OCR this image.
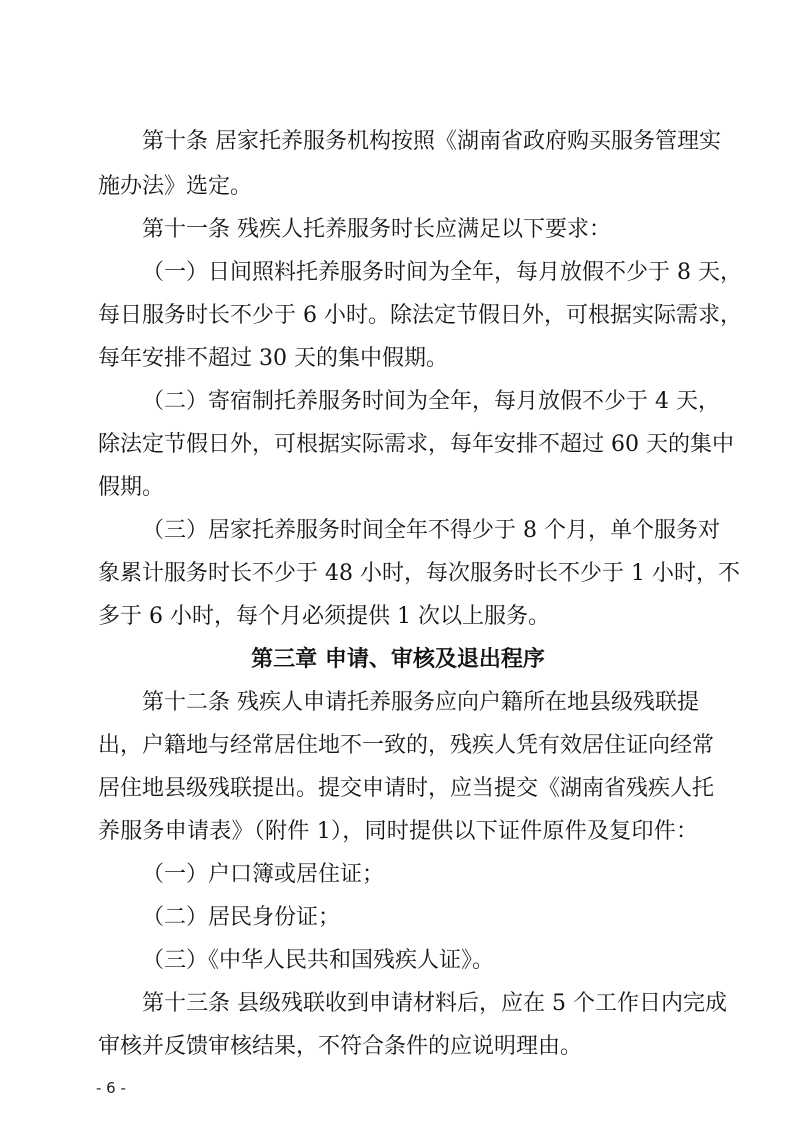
第十条 居家托养服务机构按照《湖南省政府购买服务管理实
施办法》选定。
第十一条 残疾人托养服务时长应满足以下要求：
（一）日间照料托养服务时间为全年，每月放假不少于 8 天，
每日服务时长不少于 6 小时。除法定节假日外，可根据实际需求，
每年安排不超过 30 天的集中假期。
（二）寄宿制托养服务时间为全年，每月放假不少于 4 天，
除法定节假日外，可根据实际需求，每年安排不超过 60 天的集中
假期。
（三）居家托养服务时间全年不得少于 8 个月，单个服务对
象累计服务时长不少于 48 小时，每次服务时长不少于 1 小时，不
多于 6 小时，每个月必须提供 1 次以上服务。
第三章 申请、审核及退出程序
第十二条 残疾人申请托养服务应向户籍所在地县级残联提
出，户籍地与经常居住地不一致的，残疾人凭有效居住证向经常
居住地县级残联提出。提交申请时，应当提交《湖南省残疾人托
养服务申请表》（附件 1），同时提供以下证件原件及复印件：
（一）户口簿或居住证；
（二）居民身份证；
（三）《中华人民共和国残疾人证》。
第十三条 县级残联收到申请材料后，应在 5 个工作日内完成
审核并反馈审核结果，不符合条件的应说明理由。
- 6 -
